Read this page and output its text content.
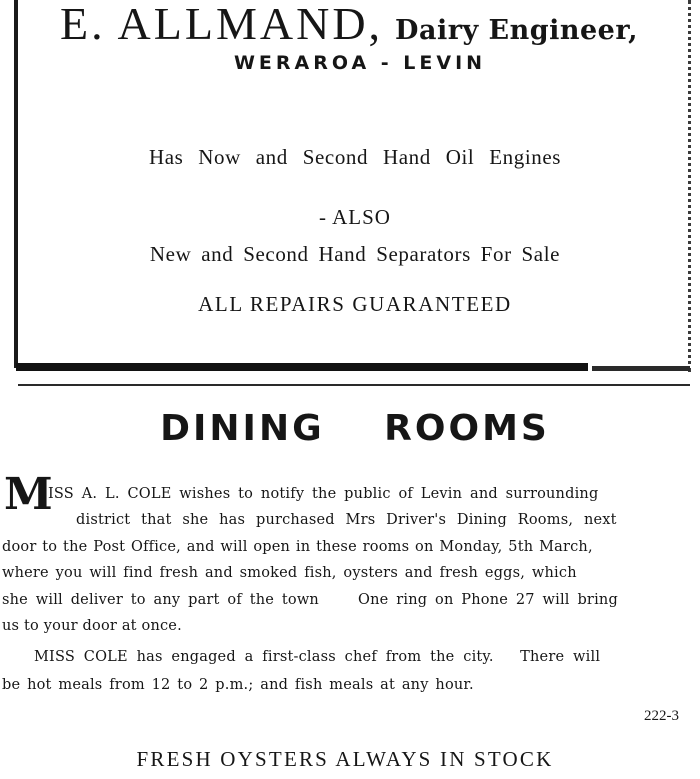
E. ALLMAND, Dairy Engineer,
WERAROA - LEVIN
Has Now and Second Hand Oil Engines
- ALSO
New and Second Hand Separators For Sale
ALL REPAIRS GUARANTEED
DINING ROOMS
M
ISS A. L. COLE wishes to notify the public of Levin and surrounding
district that she has purchased Mrs Driver's Dining Rooms, next
door to the Post Office, and will open in these rooms on Monday, 5th March,
where you will find fresh and smoked fish, oysters and fresh eggs, which
she will deliver to any part of the town     One ring on Phone 27 will bring
us to your door at once.
MISS COLE has engaged a first-class chef from the city.   There will
be hot meals from 12 to 2 p.m.; and fish meals at any hour.
222-3
FRESH OYSTERS ALWAYS IN STOCK
